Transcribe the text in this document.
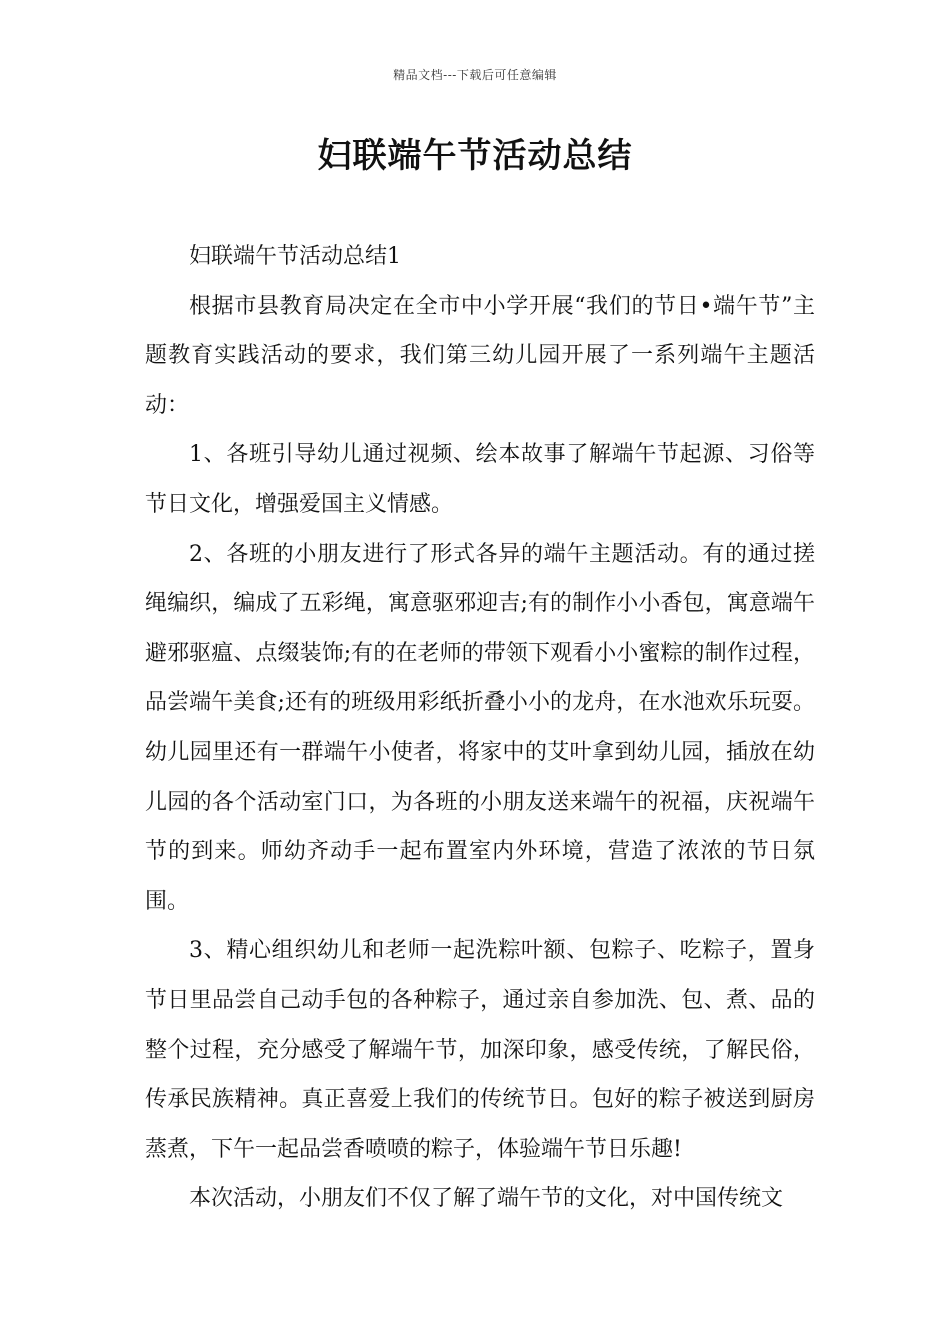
精品文档---下载后可任意编辑
妇联端午节活动总结

妇联端午节活动总结1

根据市县教育局决定在全市中小学开展“我们的节日•端午节”主题教育实践活动的要求，我们第三幼儿园开展了一系列端午主题活动：

1、各班引导幼儿通过视频、绘本故事了解端午节起源、习俗等节日文化，增强爱国主义情感。

2、各班的小朋友进行了形式各异的端午主题活动。有的通过搓绳编织，编成了五彩绳，寓意驱邪迎吉;有的制作小小香包，寓意端午避邪驱瘟、点缀装饰;有的在老师的带领下观看小小蜜粽的制作过程，品尝端午美食;还有的班级用彩纸折叠小小的龙舟，在水池欢乐玩耍。幼儿园里还有一群端午小使者，将家中的艾叶拿到幼儿园，插放在幼儿园的各个活动室门口，为各班的小朋友送来端午的祝福，庆祝端午节的到来。师幼齐动手一起布置室内外环境，营造了浓浓的节日氛围。

3、精心组织幼儿和老师一起洗粽叶额、包粽子、吃粽子，置身节日里品尝自己动手包的各种粽子，通过亲自参加洗、包、煮、品的整个过程，充分感受了解端午节，加深印象，感受传统，了解民俗，传承民族精神。真正喜爱上我们的传统节日。包好的粽子被送到厨房蒸煮，下午一起品尝香喷喷的粽子，体验端午节日乐趣!

本次活动，小朋友们不仅了解了端午节的文化，对中国传统文
